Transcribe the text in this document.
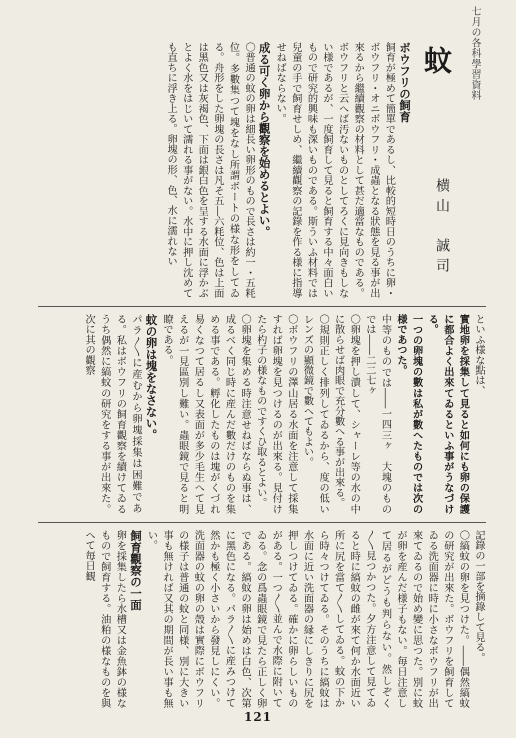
七月の各科學習資料
蚊
横山　誠司

ボウフリの飼育

飼育が極めて簡單であるし、比較的短時日のうちに卵・ボウフリ・オニボウフリ・成蟲となる狀態を見る事が出來るから繼續觀察の材料として甚だ適當なものである。ボウフリと云へば汚ないものとしてろくに見向きもしない様であるが、一度飼育して見ると飼育する中々面白いもので研究的興味も深いものである。斯ういふ材料では兒童の手で飼育せしめ、繼續觀察の記錄を作る様に指導せねばならない。

成る可く卵から觀察を始めるとよい。

〇普通の蚊の卵は細長い卵形のもので長さは約一・五粍位。多數集つて塊をなし所謂ボートの様な形をしてゐる。舟形をした卵塊の長さは凡そ五―六粍位、色は上面は黑色又は灰褐色、下面は銀白色を呈する水面に浮かぶとよく水をはじいて濡れる事がない。水中に押し沈めても直ちに浮き上る。卵塊の形、色、水に濡れない

といふ様な點は、

實地卵を採集して見ると如何にも卵の保護に都合よく出來てゐるといふ事がうなづける。

一つの卵塊の數は私が數へたものでは次の様であつた。

中等のものでは――一四三ヶ　大塊のものでは――二二七ヶ

〇卵塊を押し潰して、シャーレ等の水の中に散らせば肉眼で充分數へる事が出來る。

〇規則正しく排列してゐるから、度の低いレンズの顯微鏡で數へてもよい。

〇ボウフリの澤山居る水面を注意して採集すれば卵塊を見つけるのが出來る。見付けたら杓子の様なものですくひ取るとよい。

〇卵塊を集める時注意せねばならぬ事は、成るべく同じ時に産んだ數だけのものを集める事である。孵化したものは塊がくづれ易くなつて居るし又表面が多少毛生へて見えるが一見區別し難い。蟲眼鏡で見ると明瞭である。

蚊の卵は塊をなさない。

パラ〳〵に産むから卵塊採集は困難である。私はボウフリの飼育觀察を續けてゐるうち偶然に縞蚊の研究をする事が出來た。次に其の觀察

記錄の一部を摘錄して見る。

〇縞蚊の卵を見つけた。――偶然縞蚊の研究が出來た。ボウフリを飼育してゐる洗面器に時に小さなボウフリが出來てゐるので始め變に思つた。別に蚊が卵を産んだ様子もない。毎日注意して居るがどうも判らない。然しぞく〳〵見つかつた。夕方注意して見てゐると時に縞蚊の雌が來て何か水面近い所に尻を當て〳〵してゐる。蚊の下から時々つけてゐる。そのうちに縞蚊は水面に近い洗面器の縁にしきりに尻を押しつけてゐる。確かに卵らしいものがある。一つ〳〵並んで水際に附いてゐる。念の爲蟲眼鏡で見たら正しく卵である。縞蚊の卵は始めは白色、次第に黑色になる。パラ〳〵に産みつけて然かも極く小さいから發見しにくい。洗面器の蚊の卵の殼は實際にボウフリの様子は普通の蚊と同様、別に大きい事も無ければ又其の期間が長い事も無い。

飼育觀察の一面

卵を採集したら水槽又は金魚鉢の様なもので飼育する。油粕の様なものを與へて毎日観

121
